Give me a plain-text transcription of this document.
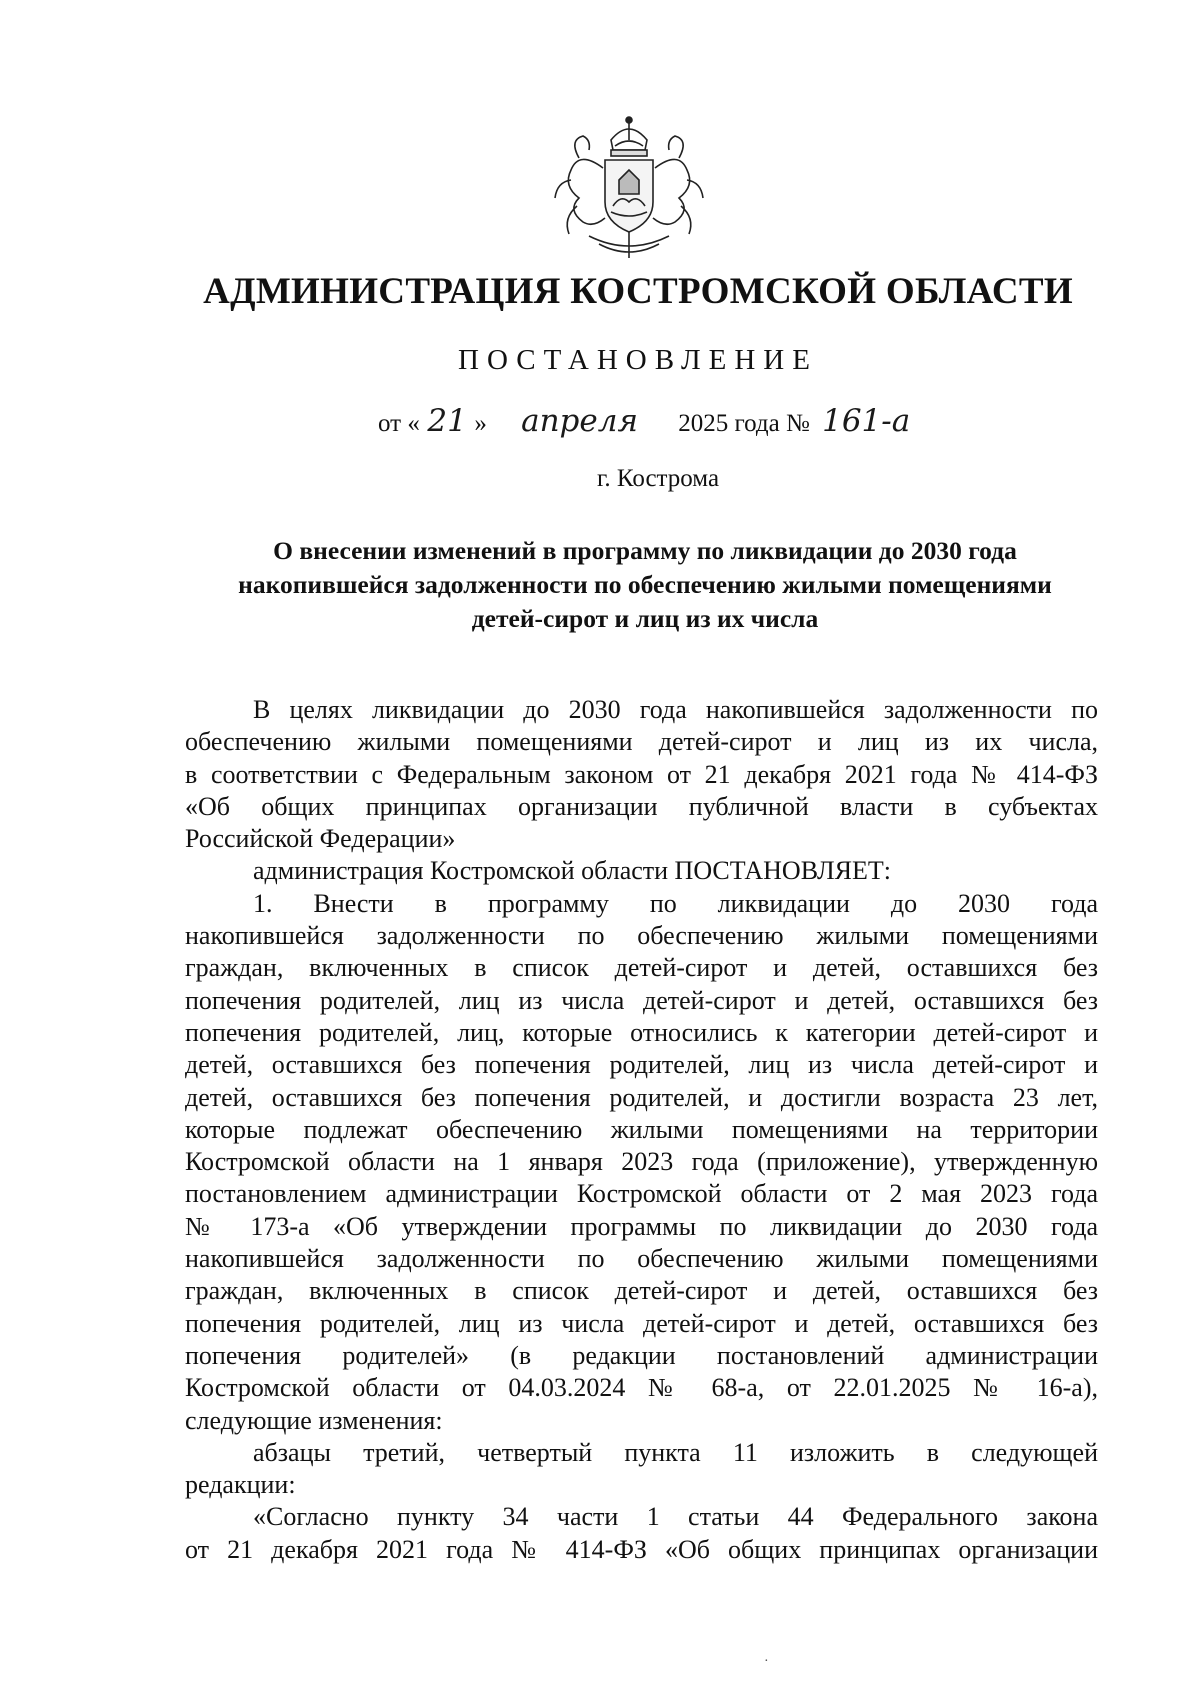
АДМИНИСТРАЦИЯ КОСТРОМСКОЙ ОБЛАСТИ
ПОСТАНОВЛЕНИЕ
от « 21 » апреля 2025 года № 161-а
г. Кострома
О внесении изменений в программу по ликвидации до 2030 года
накопившейся задолженности по обеспечению жилыми помещениями
детей-сирот и лиц из их числа
В целях ликвидации до 2030 года накопившейся задолженности по
обеспечению жилыми помещениями детей-сирот и лиц из их числа,
в соответствии с Федеральным законом от 21 декабря 2021 года № 414-ФЗ
«Об общих принципах организации публичной власти в субъектах
Российской Федерации»
администрация Костромской области ПОСТАНОВЛЯЕТ:
1. Внести в программу по ликвидации до 2030 года
накопившейся задолженности по обеспечению жилыми помещениями
граждан, включенных в список детей-сирот и детей, оставшихся без
попечения родителей, лиц из числа детей-сирот и детей, оставшихся без
попечения родителей, лиц, которые относились к категории детей-сирот и
детей, оставшихся без попечения родителей, лиц из числа детей-сирот и
детей, оставшихся без попечения родителей, и достигли возраста 23 лет,
которые подлежат обеспечению жилыми помещениями на территории
Костромской области на 1 января 2023 года (приложение), утвержденную
постановлением администрации Костромской области от 2 мая 2023 года
№ 173-а «Об утверждении программы по ликвидации до 2030 года
накопившейся задолженности по обеспечению жилыми помещениями
граждан, включенных в список детей-сирот и детей, оставшихся без
попечения родителей, лиц из числа детей-сирот и детей, оставшихся без
попечения родителей» (в редакции постановлений администрации
Костромской области от 04.03.2024 № 68-а, от 22.01.2025 № 16-а),
следующие изменения:
абзацы третий, четвертый пункта 11 изложить в следующей
редакции:
«Согласно пункту 34 части 1 статьи 44 Федерального закона
от 21 декабря 2021 года № 414-ФЗ «Об общих принципах организации
·
